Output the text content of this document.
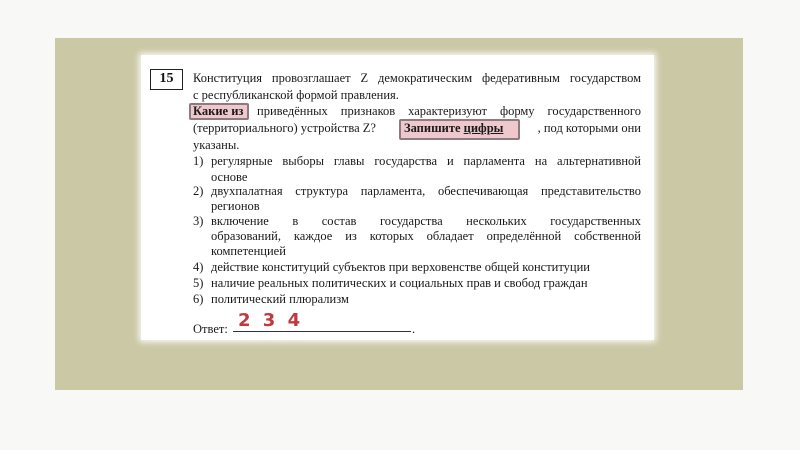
15	Конституция провозглашает Z демократическим федеративным государством
с республиканской формой правления.
Какие из приведённых признаков характеризуют форму государственного
(территориального) устройства Z? Запишите цифры	, под которыми они
указаны.
1) регулярные выборы главы государства и парламента на альтернативной
основе
2) двухпалатная структура парламента, обеспечивающая представительство
регионов
3) включение в состав государства нескольких государственных
образований, каждое из которых обладает определённой собственной
компетенцией
4) действие конституций субъектов при верховенстве общей конституции
5) наличие реальных политических и социальных прав и свобод граждан
6) политический плюрализм
Ответ: 2 3 4	.
